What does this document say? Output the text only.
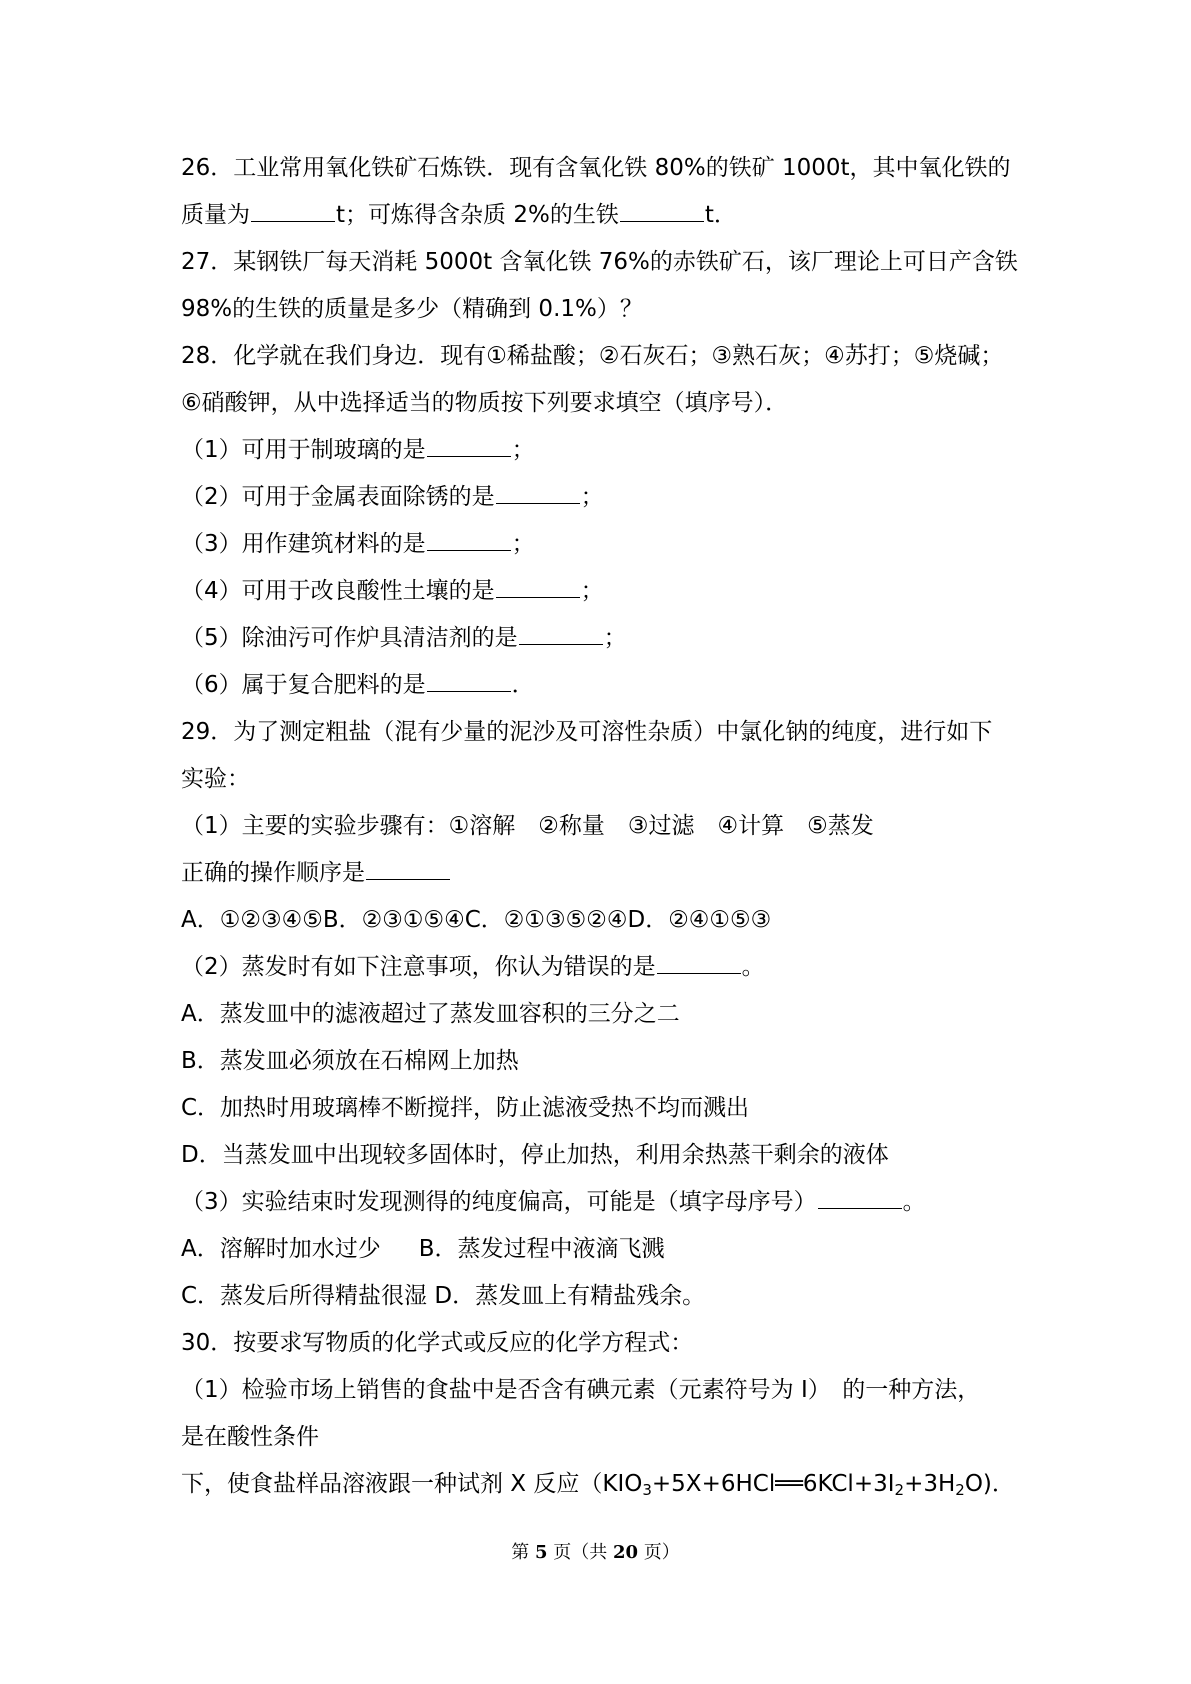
26．工业常用氧化铁矿石炼铁．现有含氧化铁 80%的铁矿 1000t，其中氧化铁的
质量为	t；可炼得含杂质 2%的生铁	t．
27．某钢铁厂每天消耗 5000t 含氧化铁 76%的赤铁矿石，该厂理论上可日产含铁
98%的生铁的质量是多少（精确到 0.1%）？
28．化学就在我们身边．现有①稀盐酸；②石灰石；③熟石灰；④苏打；⑤烧碱；
⑥硝酸钾，从中选择适当的物质按下列要求填空（填序号）．
（1）可用于制玻璃的是	；
（2）可用于金属表面除锈的是	；
（3）用作建筑材料的是	；
（4）可用于改良酸性土壤的是	；
（5）除油污可作炉具清洁剂的是	；
（6）属于复合肥料的是	．
29．为了测定粗盐（混有少量的泥沙及可溶性杂质）中氯化钠的纯度，进行如下
实验：
（1）主要的实验步骤有：①溶解　②称量　③过滤　④计算　⑤蒸发
正确的操作顺序是
A．①②③④⑤B．②③①⑤④C．②①③⑤②④D．②④①⑤③
（2）蒸发时有如下注意事项，你认为错误的是	。
A．蒸发皿中的滤液超过了蒸发皿容积的三分之二
B．蒸发皿必须放在石棉网上加热
C．加热时用玻璃棒不断搅拌，防止滤液受热不均而溅出
D．当蒸发皿中出现较多固体时，停止加热，利用余热蒸干剩余的液体
（3）实验结束时发现测得的纯度偏高，可能是（填字母序号）	。
A．溶解时加水过少 B．蒸发过程中液滴飞溅
C．蒸发后所得精盐很湿 D．蒸发皿上有精盐残余。
30．按要求写物质的化学式或反应的化学方程式：
（1）检验市场上销售的食盐中是否含有碘元素（元素符号为 I）　的一种方法，
是在酸性条件
下，使食盐样品溶液跟一种试剂 X 反应$(KIO_3+5X+6HCl══6KCl+3I_2+3H_2O)$．
第 5 页（共 20 页）
